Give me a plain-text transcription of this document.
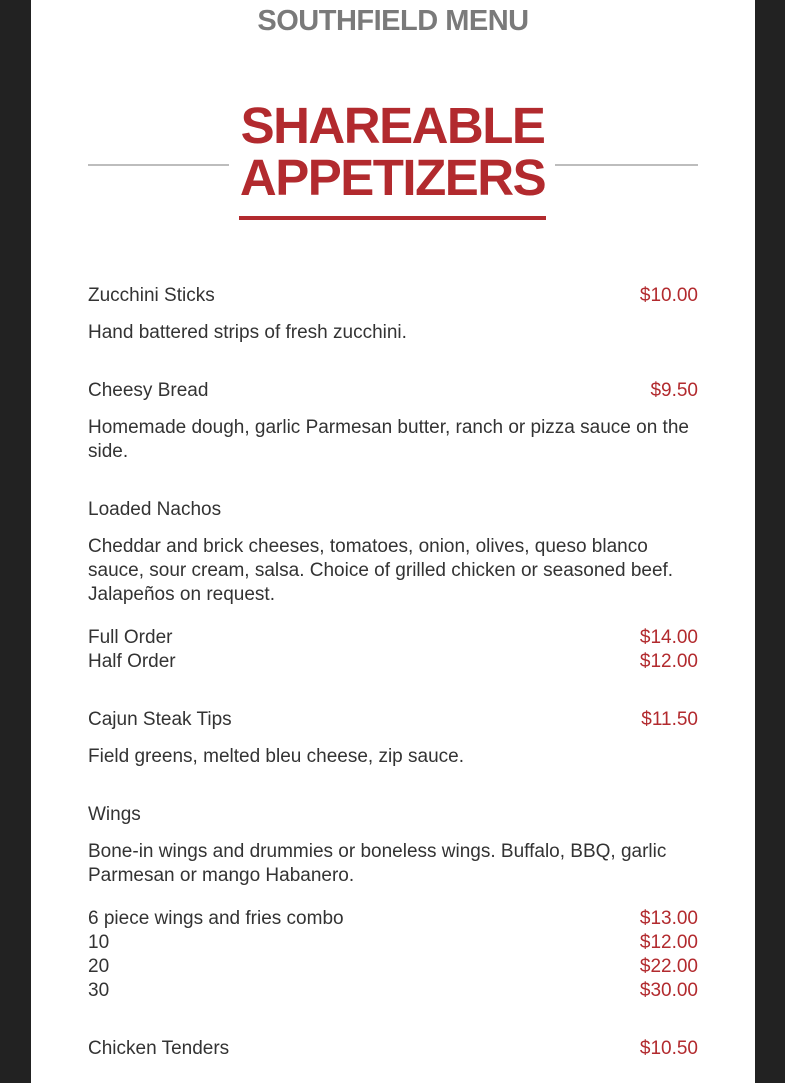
SOUTHFIELD MENU
SHAREABLE
APPETIZERS
Zucchini Sticks	$10.00
Hand battered strips of fresh zucchini.
Cheesy Bread	$9.50
Homemade dough, garlic Parmesan butter, ranch or pizza sauce on the side.
Loaded Nachos
Cheddar and brick cheeses, tomatoes, onion, olives, queso blanco sauce, sour cream, salsa. Choice of grilled chicken or seasoned beef. Jalapeños on request.
Full Order	$14.00
Half Order	$12.00
Cajun Steak Tips	$11.50
Field greens, melted bleu cheese, zip sauce.
Wings
Bone-in wings and drummies or boneless wings. Buffalo, BBQ, garlic Parmesan or mango Habanero.
6 piece wings and fries combo	$13.00
10	$12.00
20	$22.00
30	$30.00
Chicken Tenders	$10.50
